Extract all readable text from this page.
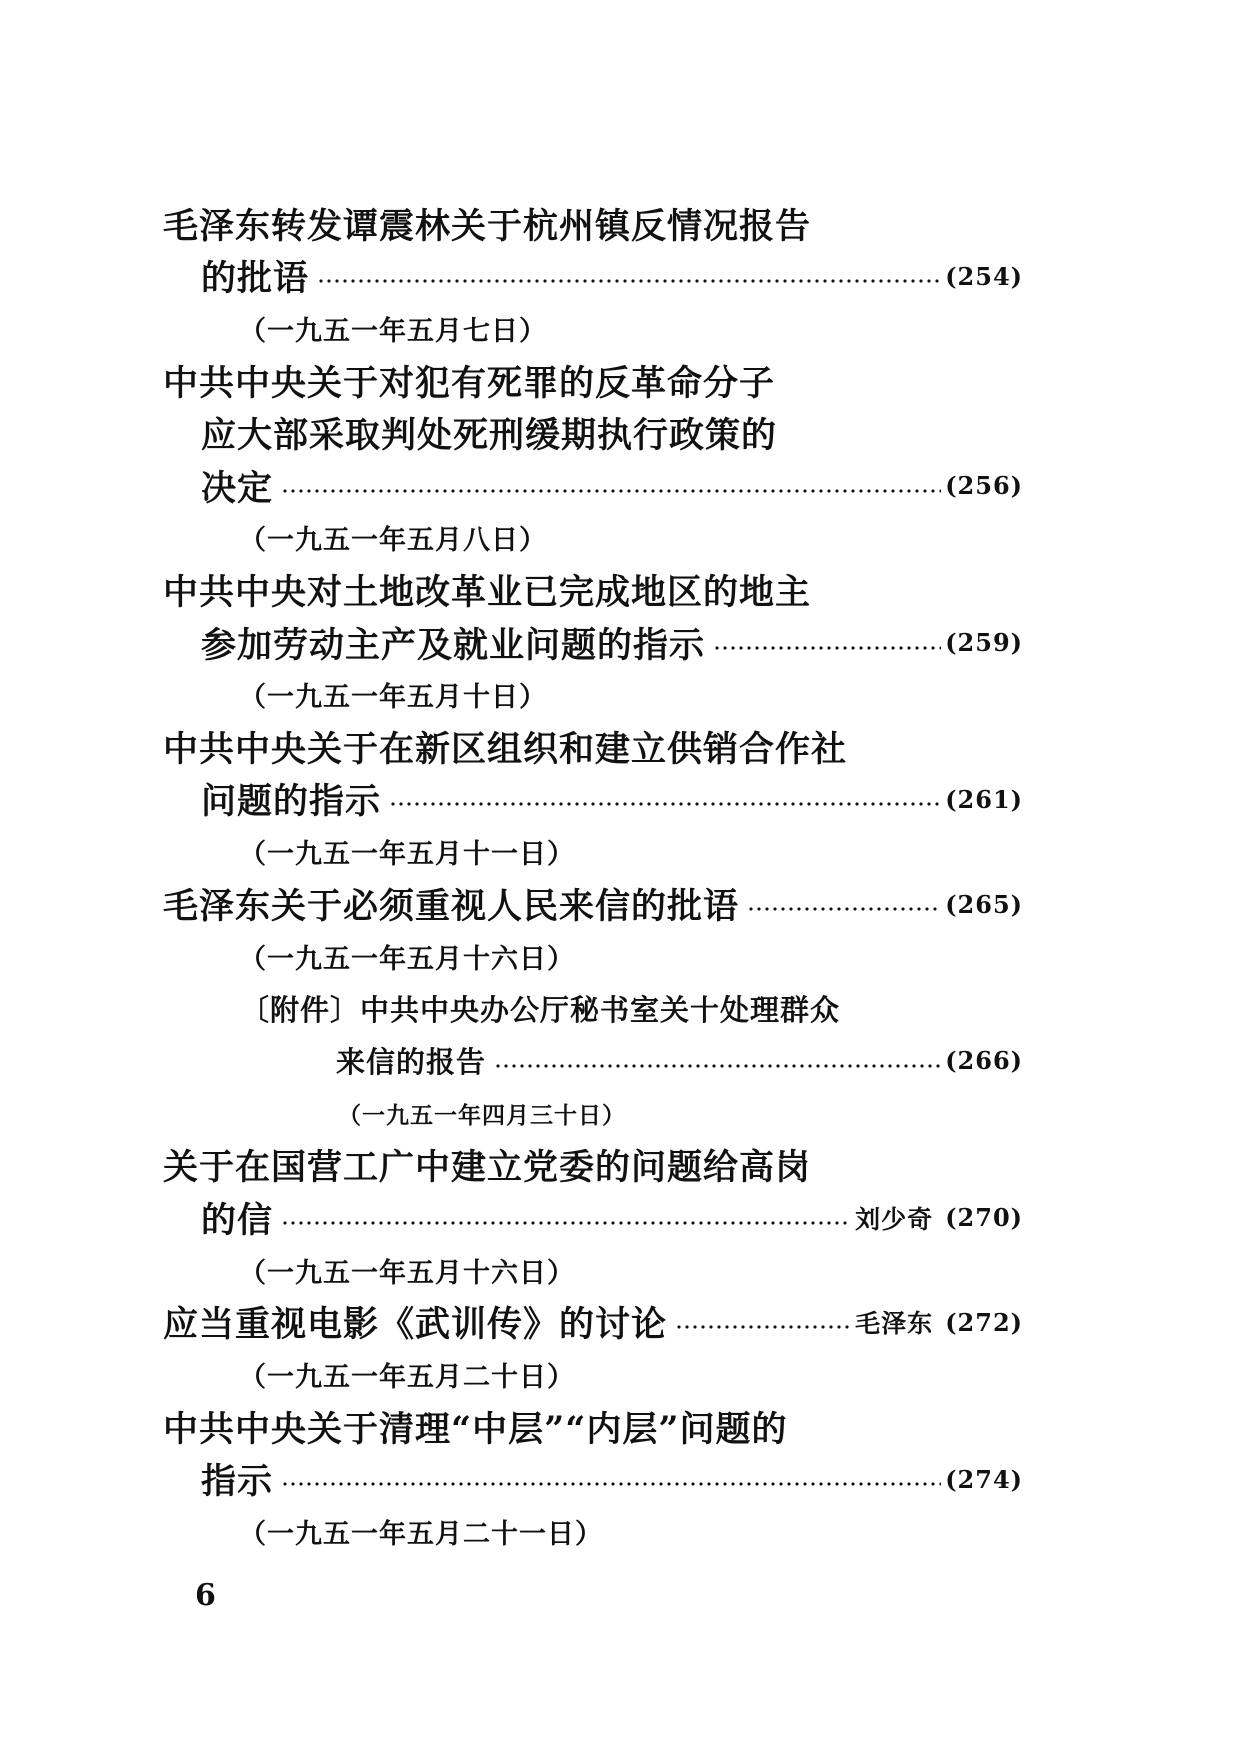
毛泽东转发谭震林关于杭州镇反情况报告
的批语	(254)
（一九五一年五月七日）
中共中央关于对犯有死罪的反革命分子
应大部采取判处死刑缓期执行政策的
决定	(256)
（一九五一年五月八日）
中共中央对土地改革业已完成地区的地主
参加劳动主产及就业问题的指示	(259)
（一九五一年五月十日）
中共中央关于在新区组织和建立供销合作社
问题的指示	(261)
（一九五一年五月十一日）
毛泽东关于必须重视人民来信的批语	(265)
（一九五一年五月十六日）
〔附件〕中共中央办公厅秘书室关十处理群众
来信的报告	(266)
（一九五一年四月三十日）
关于在国营工广中建立党委的问题给高岗
的信	刘少奇 (270)
（一九五一年五月十六日）
应当重视电影《武训传》的讨论	毛泽东 (272)
（一九五一年五月二十日）
中共中央关于清理“中层”“内层”问题的
指示	(274)
（一九五一年五月二十一日）
6
